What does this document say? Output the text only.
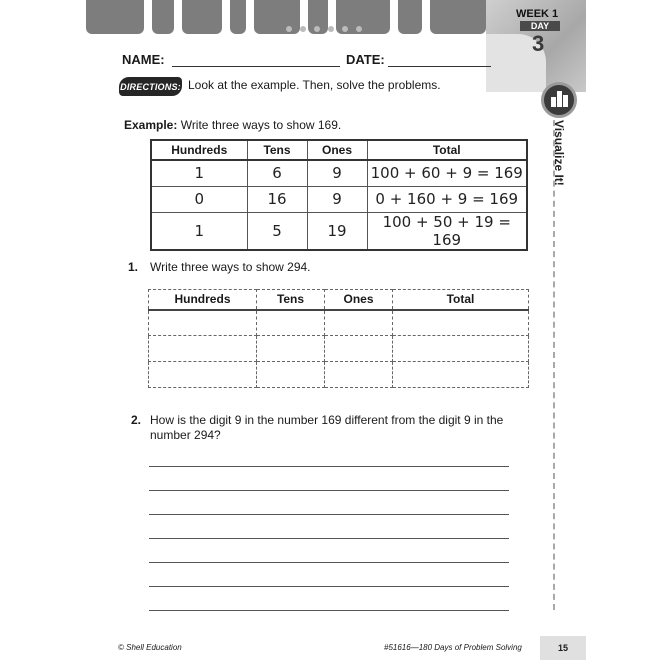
WEEK 1
DAY
3
Visualize It!
NAME:	DATE:
DIRECTIONS: Look at the example. Then, solve the problems.
Example: Write three ways to show 169.
Hundreds	Tens	Ones	Total
1	6	9	100 + 60 + 9 = 169
0	16	9	0 + 160 + 9 = 169
1	5	19	100 + 50 + 19 = 169
1. Write three ways to show 294.
Hundreds	Tens	Ones	Total

2. How is the digit 9 in the number 169 different from the digit 9 in the number 294?
© Shell Education	#51616—180 Days of Problem Solving	15
